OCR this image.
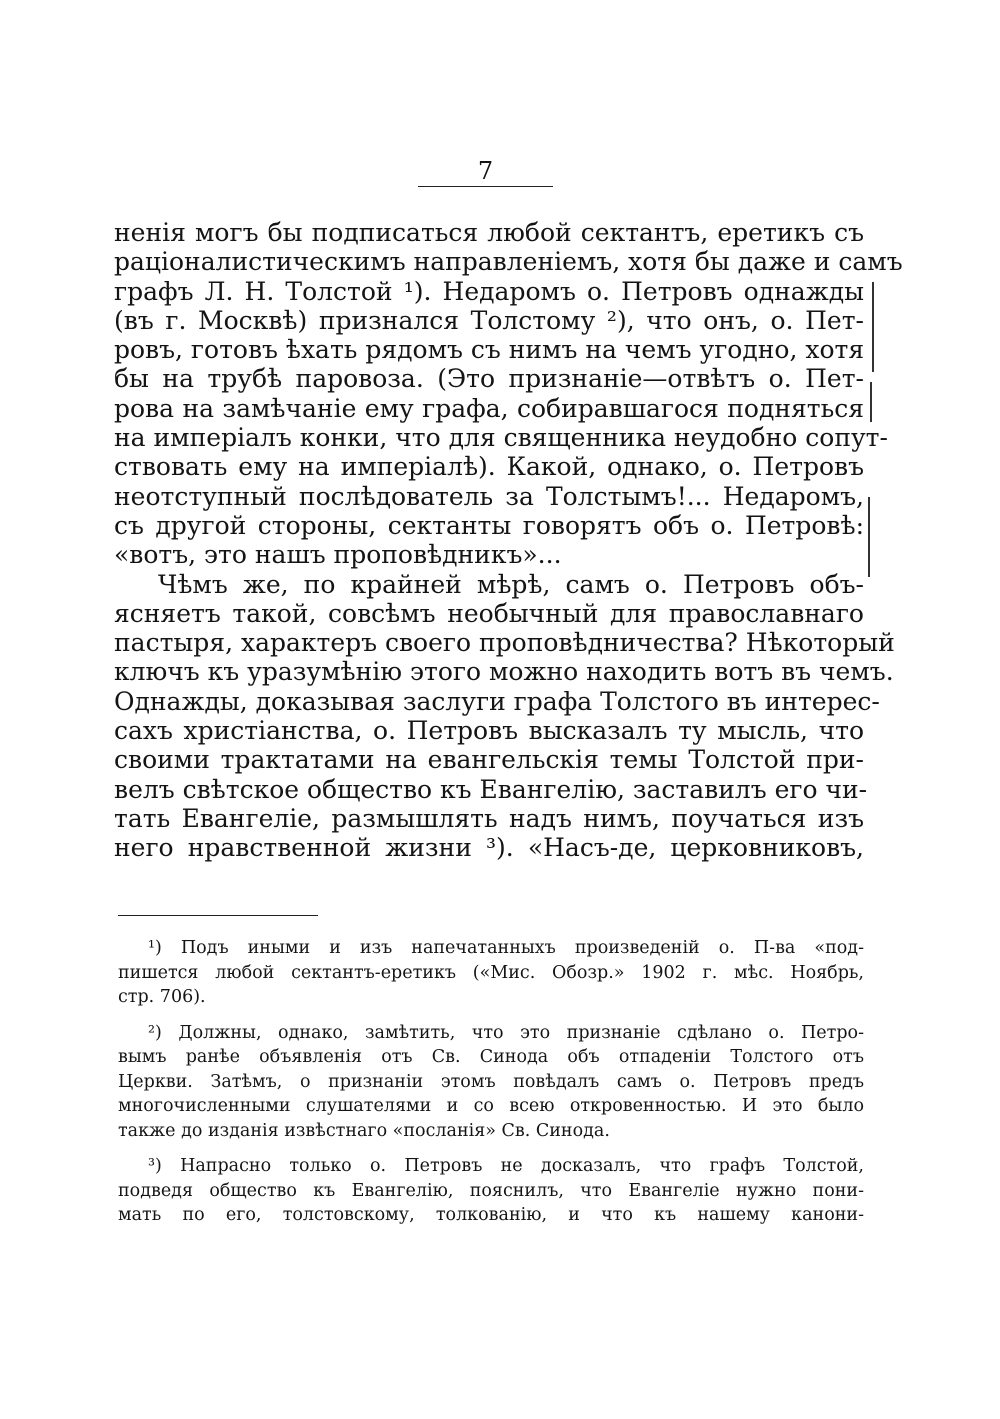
7
нeнiя могъ бы подписаться любой сектантъ, еретикъ съ
рацiоналистическимъ направленiемъ, хотя бы даже и самъ
графъ Л. Н. Толстой ¹). Недаромъ о. Петровъ однажды
(въ г. Москвѣ) признался Толстому ²), что онъ, о. Пет-
ровъ, готовъ ѣхать рядомъ съ нимъ на чемъ угодно, хотя
бы на трубѣ паровоза. (Это признанiе—отвѣтъ о. Пет-
рова на замѣчанiе ему графа, собиравшагося подняться
на имперiалъ конки, что для священника неудобно сопут-
ствовать ему на имперiалѣ). Какой, однако, о. Петровъ
неотступный послѣдователь за Толстымъ!... Недаромъ,
съ другой стороны, сектанты говорятъ объ о. Петровѣ:
«вотъ, это нашъ проповѣдникъ»...
Чѣмъ же, по крайней мѣрѣ, самъ о. Петровъ объ-
ясняетъ такой, совсѣмъ необычный для православнаго
пастыря, характеръ своего проповѣдничества? Нѣкоторый
ключъ къ уразумѣнiю этого можно находить вотъ въ чемъ.
Однажды, доказывая заслуги графа Толстого въ интерес-
сахъ христiанства, о. Петровъ высказалъ ту мысль, что
своими трактатами на евангельскiя темы Толстой при-
велъ свѣтское общество къ Евангелiю, заставилъ его чи-
тать Евангелiе, размышлять надъ нимъ, поучаться изъ
него нравственной жизни ³). «Насъ-де, церковниковъ,
¹) Подъ иными и изъ напечатанныхъ произведенiй о. П-ва «под-
пишется любой сектантъ-еретикъ («Мис. Обозр.» 1902 г. мѣс. Ноябрь,
стр. 706).
²) Должны, однако, замѣтить, что это признанiе сдѣлано о. Петро-
вымъ ранѣе объявленiя отъ Св. Синода объ отпаденiи Толстого отъ
Церкви. Затѣмъ, о признанiи этомъ повѣдалъ самъ о. Петровъ предъ
многочисленными слушателями и со всею откровенностью. И это было
также до изданiя извѣстнаго «посланiя» Св. Синода.
³) Напрасно только о. Петровъ не досказалъ, что графъ Толстой,
подведя общество къ Евангелiю, пояснилъ, что Евангелiе нужно пони-
мать по его, толстовскому, толкованiю, и что къ нашему канони-
